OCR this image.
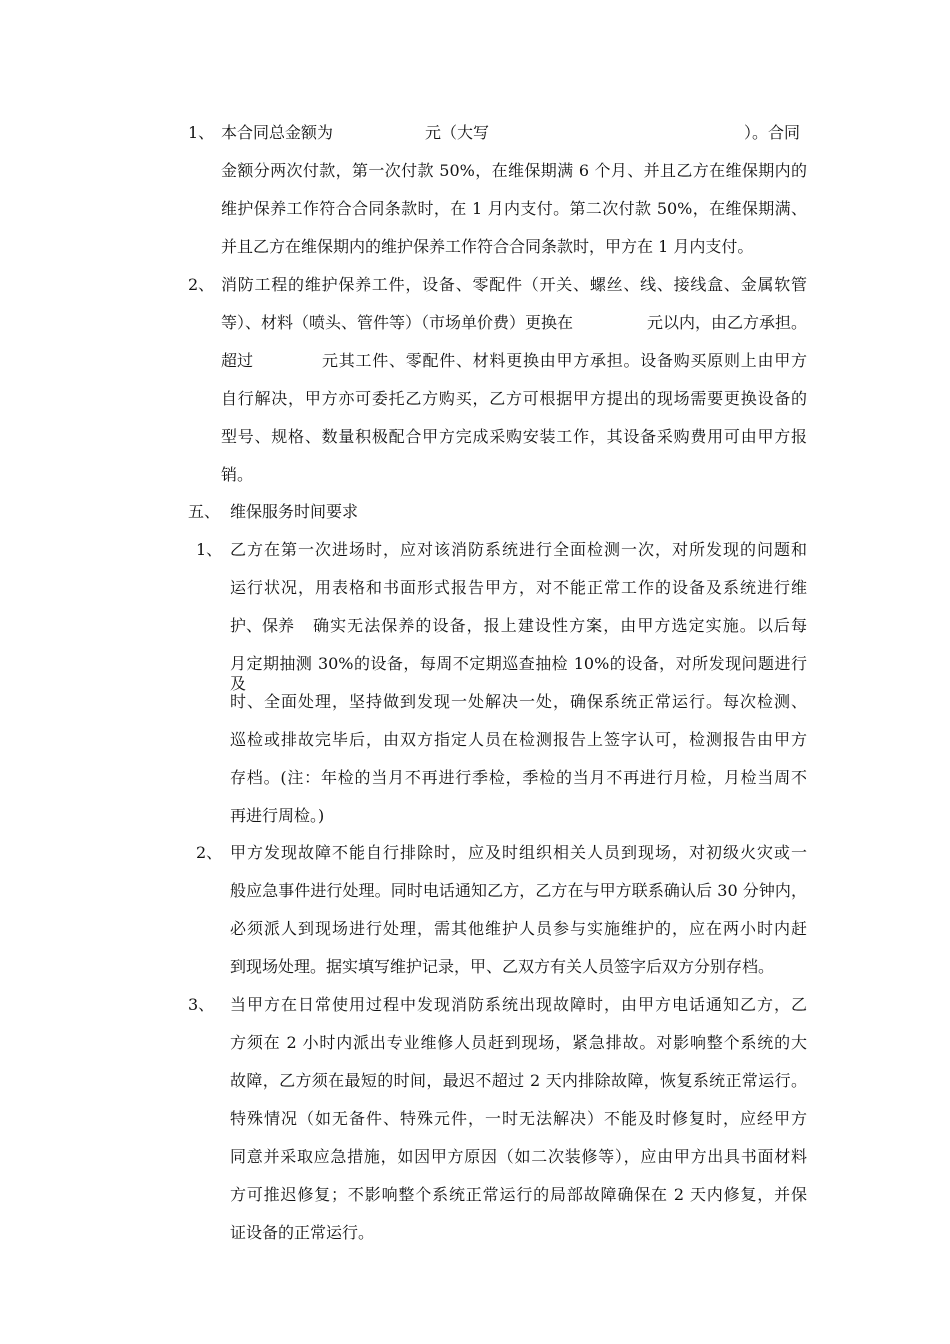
1、 本合同总金额为	元（大写	）。合同
金额分两次付款，第一次付款 50%，在维保期满 6 个月、并且乙方在维保期内的
维护保养工作符合合同条款时，在 1 月内支付。第二次付款 50%，在维保期满、
并且乙方在维保期内的维护保养工作符合合同条款时，甲方在 1 月内支付。
2、 消防工程的维护保养工件，设备、零配件（开关、螺丝、线、接线盒、金属软管
等）、材料（喷头、管件等）（市场单价费）更换在	元以内，由乙方承担。
超过	元其工件、零配件、材料更换由甲方承担。设备购买原则上由甲方
自行解决，甲方亦可委托乙方购买，乙方可根据甲方提出的现场需要更换设备的
型号、规格、数量积极配合甲方完成采购安装工作，其设备采购费用可由甲方报
销。
五、 维保服务时间要求
1、 乙方在第一次进场时，应对该消防系统进行全面检测一次，对所发现的问题和
运行状况，用表格和书面形式报告甲方，对不能正常工作的设备及系统进行维
护、保养 确实无法保养的设备，报上建设性方案，由甲方选定实施。以后每
月定期抽测 30%的设备，每周不定期巡查抽检 10%的设备，对所发现问题进行及
时、全面处理，坚持做到发现一处解决一处，确保系统正常运行。每次检测、
巡检或排故完毕后，由双方指定人员在检测报告上签字认可，检测报告由甲方
存档。(注：年检的当月不再进行季检，季检的当月不再进行月检，月检当周不
再进行周检。)
2、 甲方发现故障不能自行排除时，应及时组织相关人员到现场，对初级火灾或一
般应急事件进行处理。同时电话通知乙方，乙方在与甲方联系确认后 30 分钟内，
必须派人到现场进行处理，需其他维护人员参与实施维护的，应在两小时内赶
到现场处理。据实填写维护记录，甲、乙双方有关人员签字后双方分别存档。
3、 当甲方在日常使用过程中发现消防系统出现故障时，由甲方电话通知乙方，乙
方须在 2 小时内派出专业维修人员赶到现场，紧急排故。对影响整个系统的大
故障，乙方须在最短的时间，最迟不超过 2 天内排除故障，恢复系统正常运行。
特殊情况（如无备件、特殊元件，一时无法解决）不能及时修复时，应经甲方
同意并采取应急措施，如因甲方原因（如二次装修等），应由甲方出具书面材料
方可推迟修复；不影响整个系统正常运行的局部故障确保在 2 天内修复，并保
证设备的正常运行。
